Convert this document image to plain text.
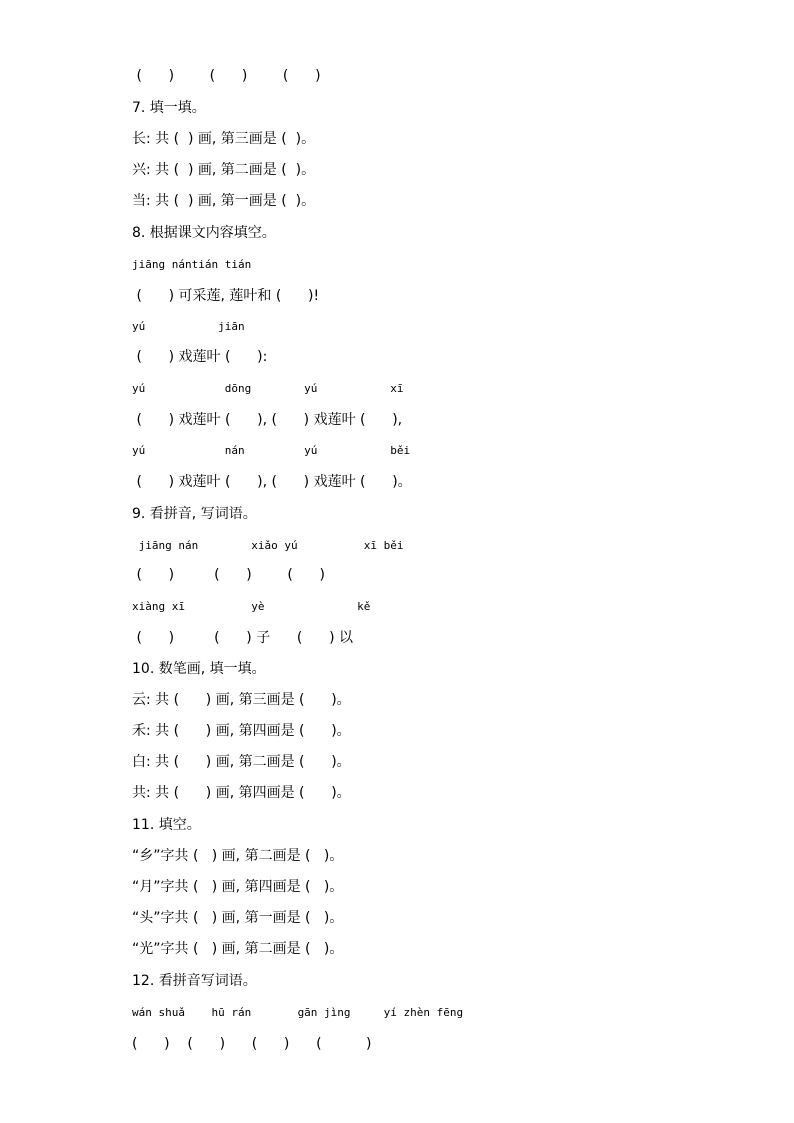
(      )        (      )        (      )
7. 填一填。
长: 共 (  ) 画, 第三画是 (  )。
兴: 共 (  ) 画, 第二画是 (  )。
当: 共 (  ) 画, 第一画是 (  )。
8. 根据课文内容填空。
jiāng nántián tián
(      ) 可采莲, 莲叶和 (      )!
yú           jiān
(      ) 戏莲叶 (      ):
yú            dōng        yú           xī
(      ) 戏莲叶 (      ), (      ) 戏莲叶 (      ),
yú            nán         yú           běi
(      ) 戏莲叶 (      ), (      ) 戏莲叶 (      )。
9. 看拼音, 写词语。
jiāng nán        xiǎo yú          xī běi
(      )         (      )        (      )
xiàng xī          yè              kě
(      )         (      ) 子      (      ) 以
10. 数笔画, 填一填。
云: 共 (      ) 画, 第三画是 (      )。
禾: 共 (      ) 画, 第四画是 (      )。
白: 共 (      ) 画, 第二画是 (      )。
共: 共 (      ) 画, 第四画是 (      )。
11. 填空。
“乡”字共 (   ) 画, 第二画是 (   )。
“月”字共 (   ) 画, 第四画是 (   )。
“头”字共 (   ) 画, 第一画是 (   )。
“光”字共 (   ) 画, 第二画是 (   )。
12. 看拼音写词语。
wán shuǎ    hū rán       gān jìng     yí zhèn fēng
(      )    (      )      (      )      (          )
